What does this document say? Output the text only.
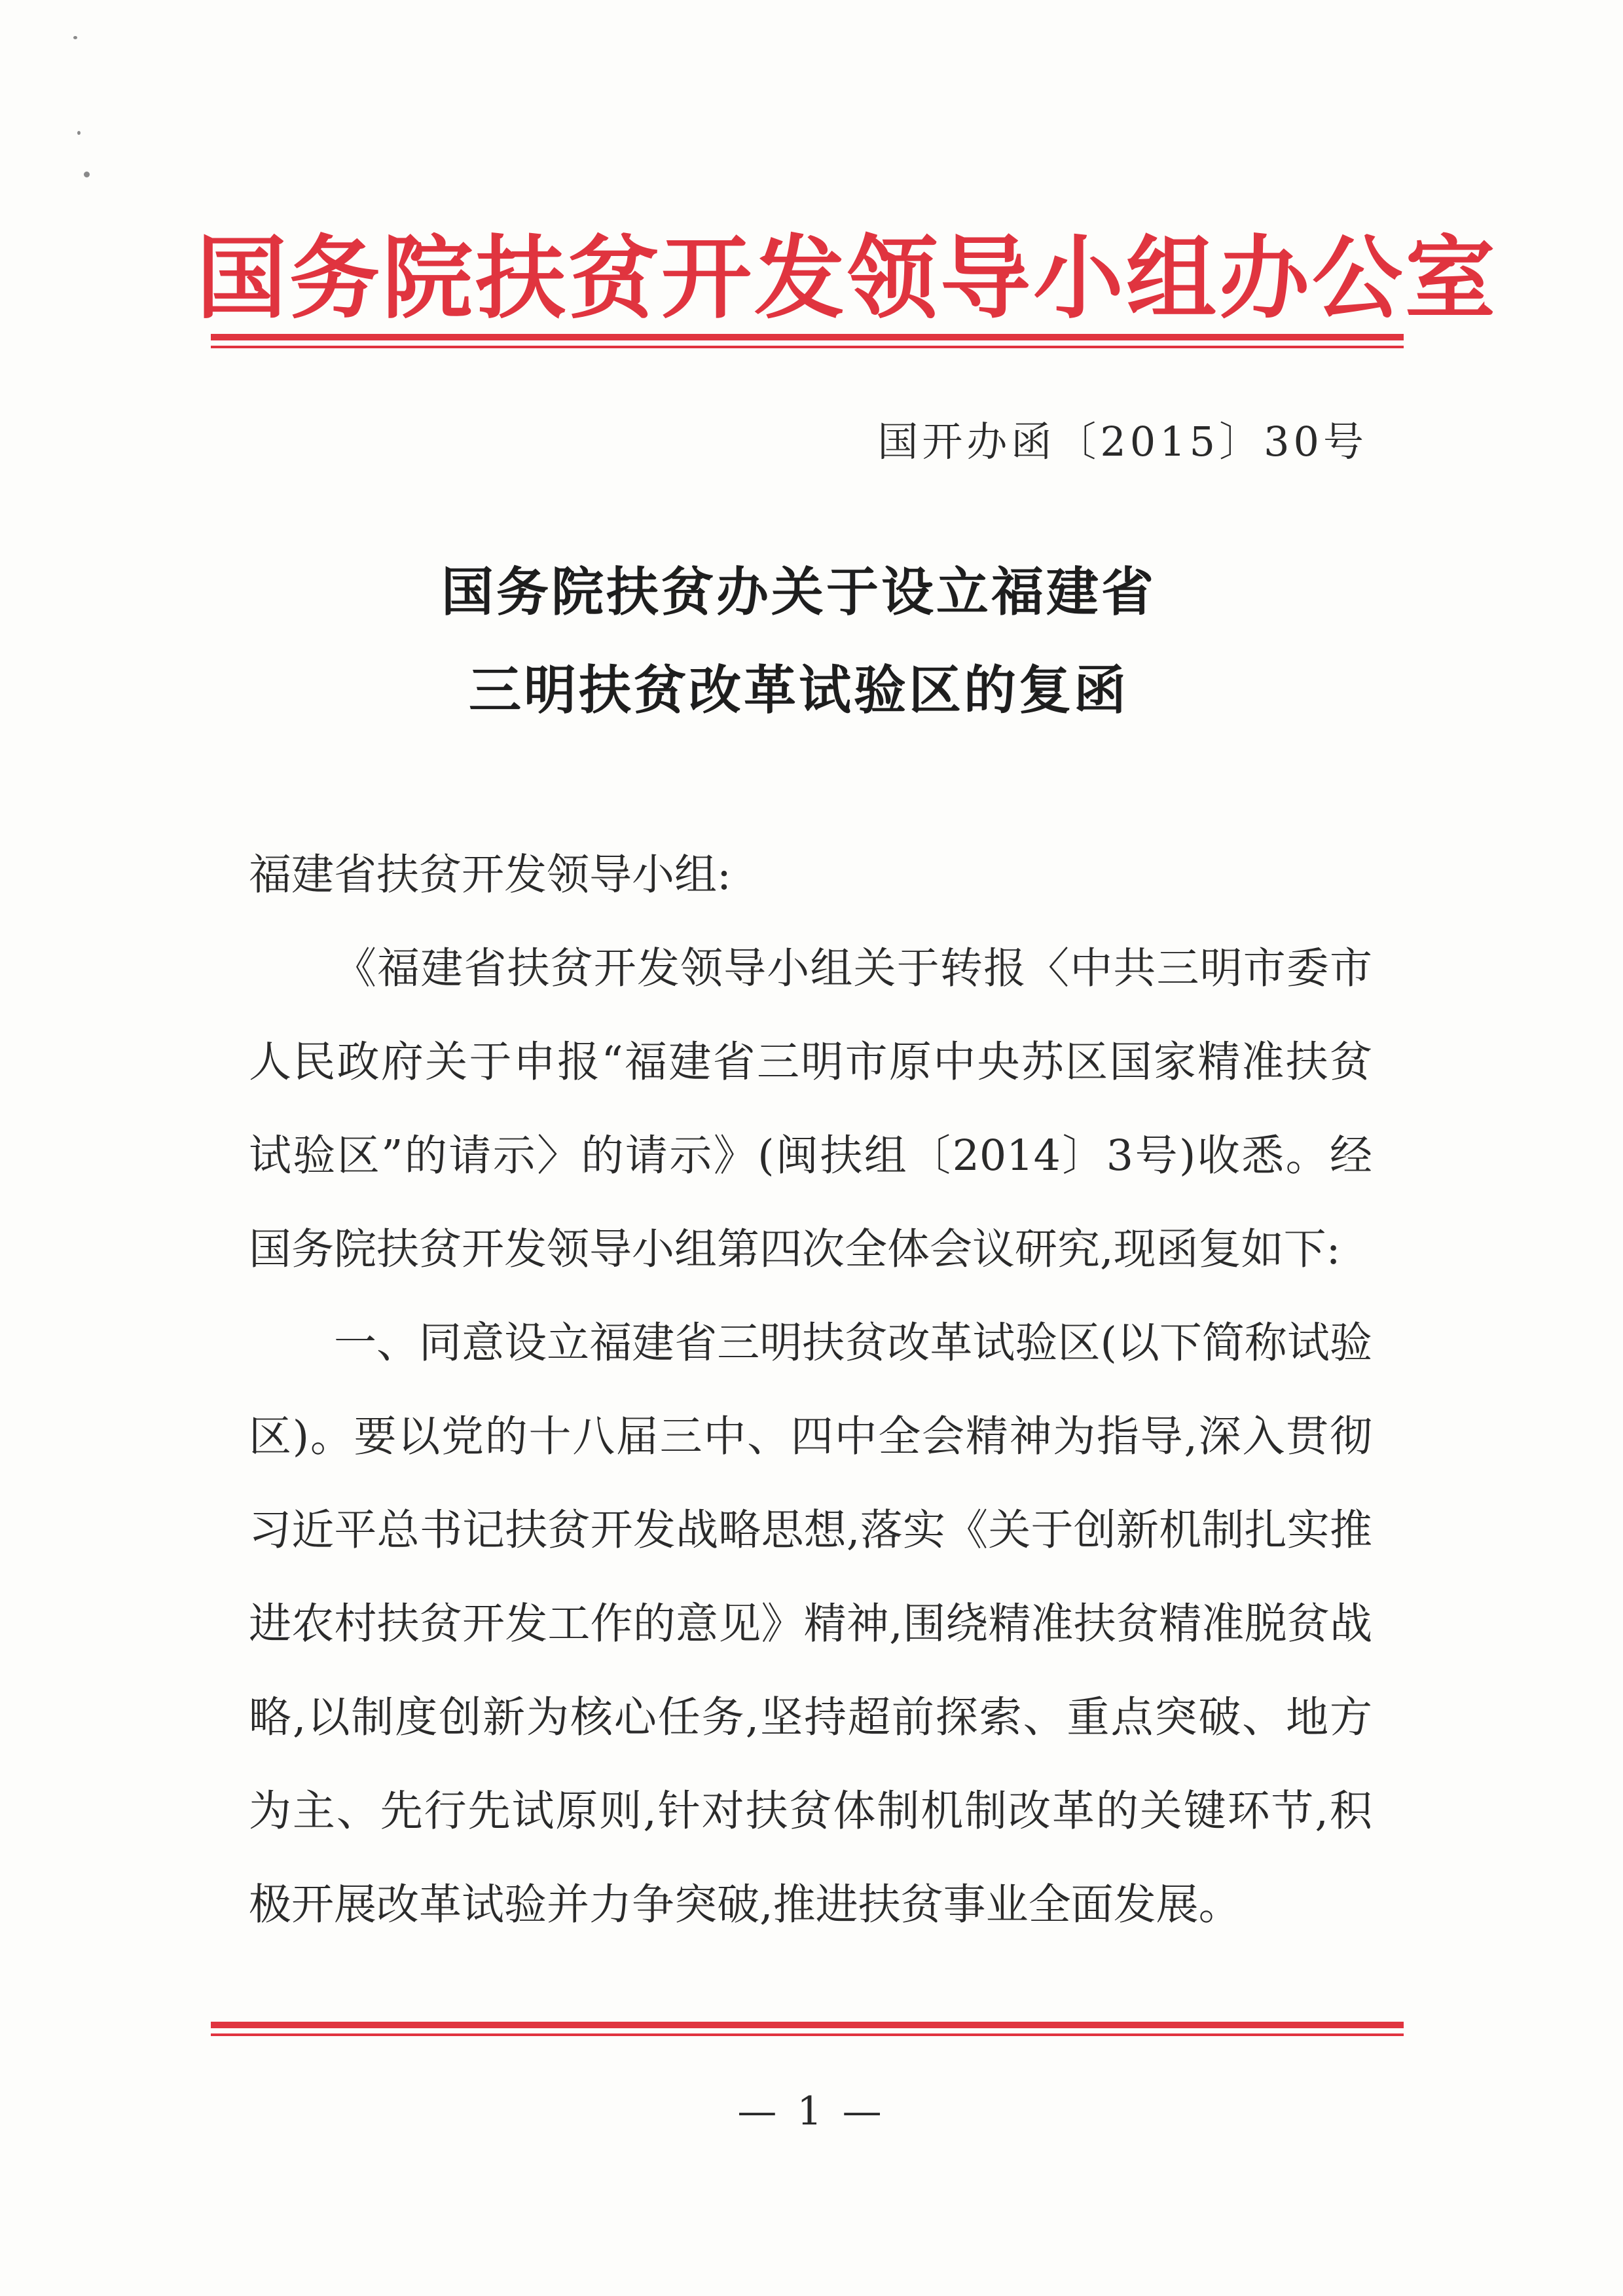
国务院扶贫开发领导小组办公室
国开办函〔2015〕30号
国务院扶贫办关于设立福建省
三明扶贫改革试验区的复函

福建省扶贫开发领导小组:

《福建省扶贫开发领导小组关于转报〈中共三明市委市人民政府关于申报“福建省三明市原中央苏区国家精准扶贫试验区”的请示〉的请示》(闽扶组〔2014〕3号)收悉。经国务院扶贫开发领导小组第四次全体会议研究,现函复如下:

一、同意设立福建省三明扶贫改革试验区(以下简称试验区)。要以党的十八届三中、四中全会精神为指导,深入贯彻习近平总书记扶贫开发战略思想,落实《关于创新机制扎实推进农村扶贫开发工作的意见》精神,围绕精准扶贫精准脱贫战略,以制度创新为核心任务,坚持超前探索、重点突破、地方为主、先行先试原则,针对扶贫体制机制改革的关键环节,积极开展改革试验并力争突破,推进扶贫事业全面发展。

— 1 —
